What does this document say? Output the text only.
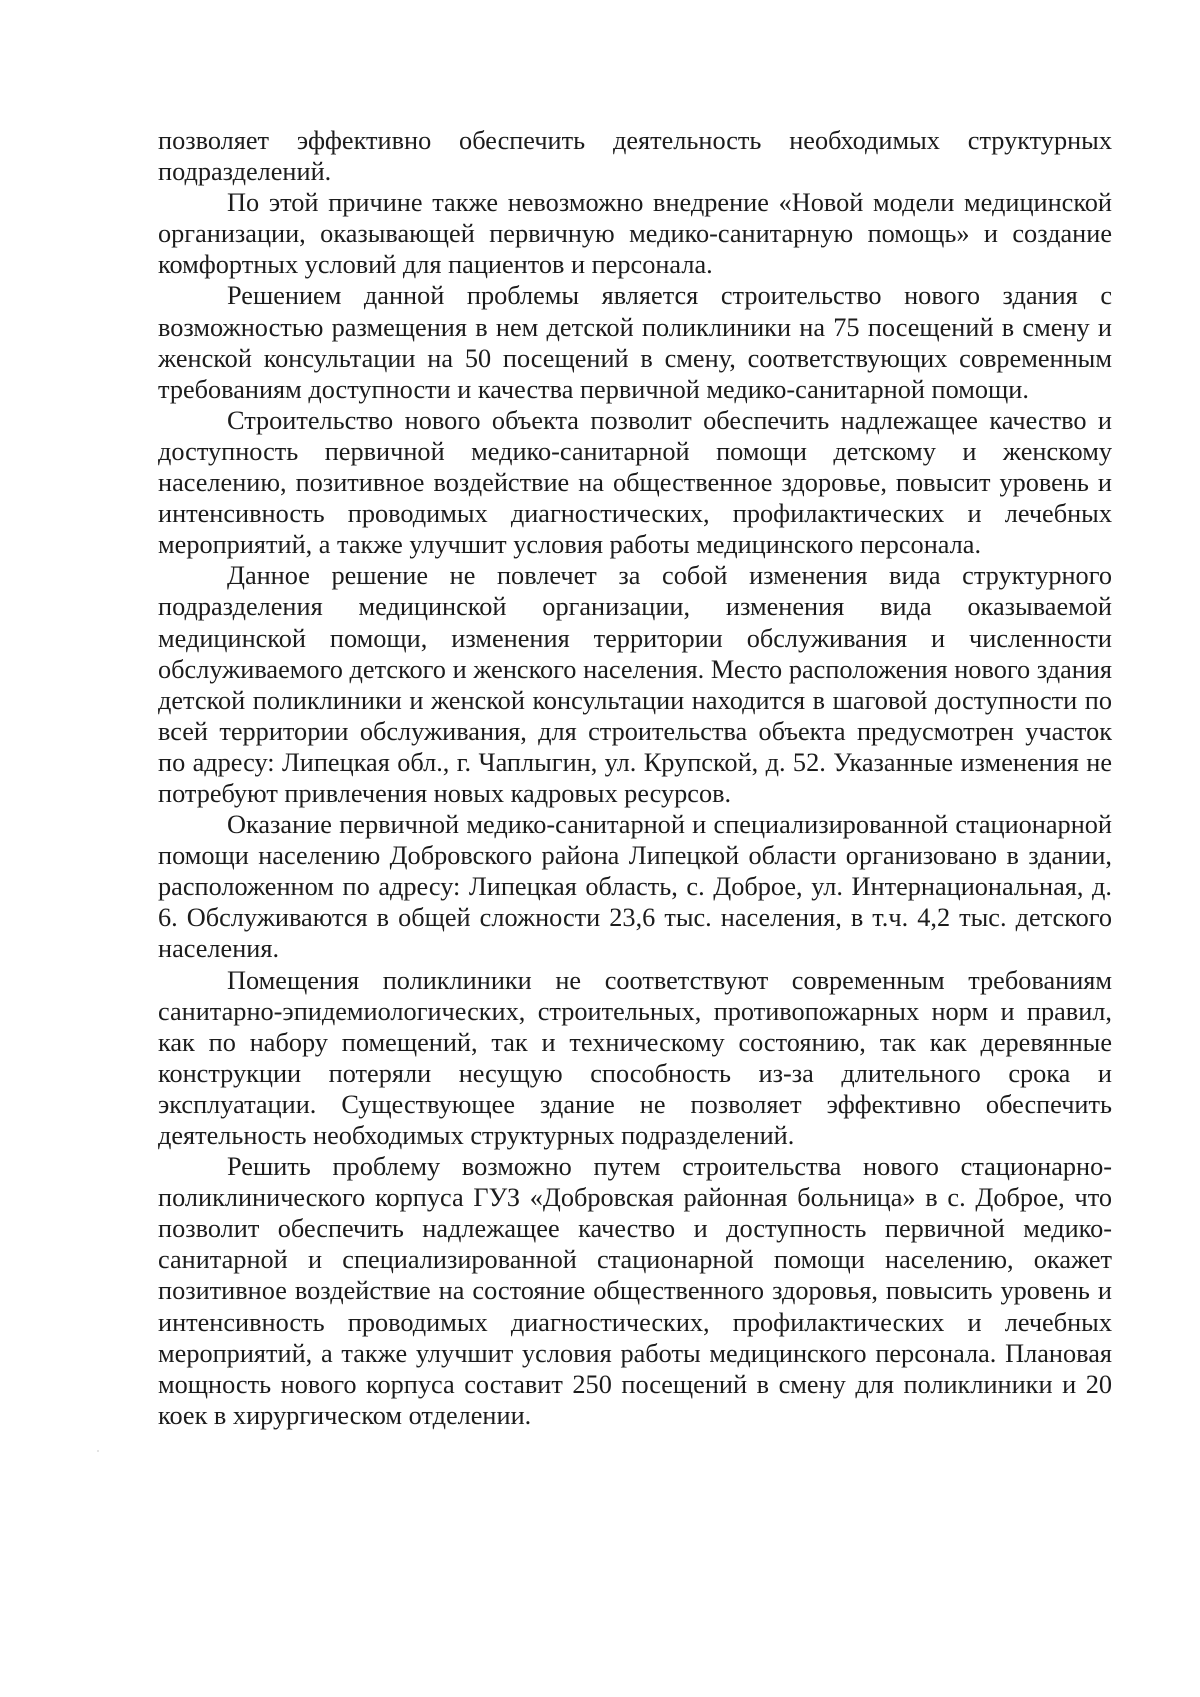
позволяет эффективно обеспечить деятельность необходимых структурных подразделений.

По этой причине также невозможно внедрение «Новой модели медицинской организации, оказывающей первичную медико-санитарную помощь» и создание комфортных условий для пациентов и персонала.

Решением данной проблемы является строительство нового здания с возможностью размещения в нем детской поликлиники на 75 посещений в смену и женской консультации на 50 посещений в смену, соответствующих современным требованиям доступности и качества первичной медико-санитарной помощи.

Строительство нового объекта позволит обеспечить надлежащее качество и доступность первичной медико-санитарной помощи детскому и женскому населению, позитивное воздействие на общественное здоровье, повысит уровень и интенсивность проводимых диагностических, профилактических и лечебных мероприятий, а также улучшит условия работы медицинского персонала.

Данное решение не повлечет за собой изменения вида структурного подразделения медицинской организации, изменения вида оказываемой медицинской помощи, изменения территории обслуживания и численности обслуживаемого детского и женского населения. Место расположения нового здания детской поликлиники и женской консультации находится в шаговой доступности по всей территории обслуживания, для строительства объекта предусмотрен участок по адресу: Липецкая обл., г. Чаплыгин, ул. Крупской, д. 52. Указанные изменения не потребуют привлечения новых кадровых ресурсов.

Оказание первичной медико-санитарной и специализированной стационарной помощи населению Добровского района Липецкой области организовано в здании, расположенном по адресу: Липецкая область, с. Доброе, ул. Интернациональная, д. 6. Обслуживаются в общей сложности 23,6 тыс. населения, в т.ч. 4,2 тыс. детского населения.

Помещения поликлиники не соответствуют современным требованиям санитарно-эпидемиологических, строительных, противопожарных норм и правил, как по набору помещений, так и техническому состоянию, так как деревянные конструкции потеряли несущую способность из-за длительного срока и эксплуатации. Существующее здание не позволяет эффективно обеспечить деятельность необходимых структурных подразделений.

Решить проблему возможно путем строительства нового стационарно-поликлинического корпуса ГУЗ «Добровская районная больница» в с. Доброе, что позволит обеспечить надлежащее качество и доступность первичной медико-санитарной и специализированной стационарной помощи населению, окажет позитивное воздействие на состояние общественного здоровья, повысить уровень и интенсивность проводимых диагностических, профилактических и лечебных мероприятий, а также улучшит условия работы медицинского персонала. Плановая мощность нового корпуса составит 250 посещений в смену для поликлиники и 20 коек в хирургическом отделении.
